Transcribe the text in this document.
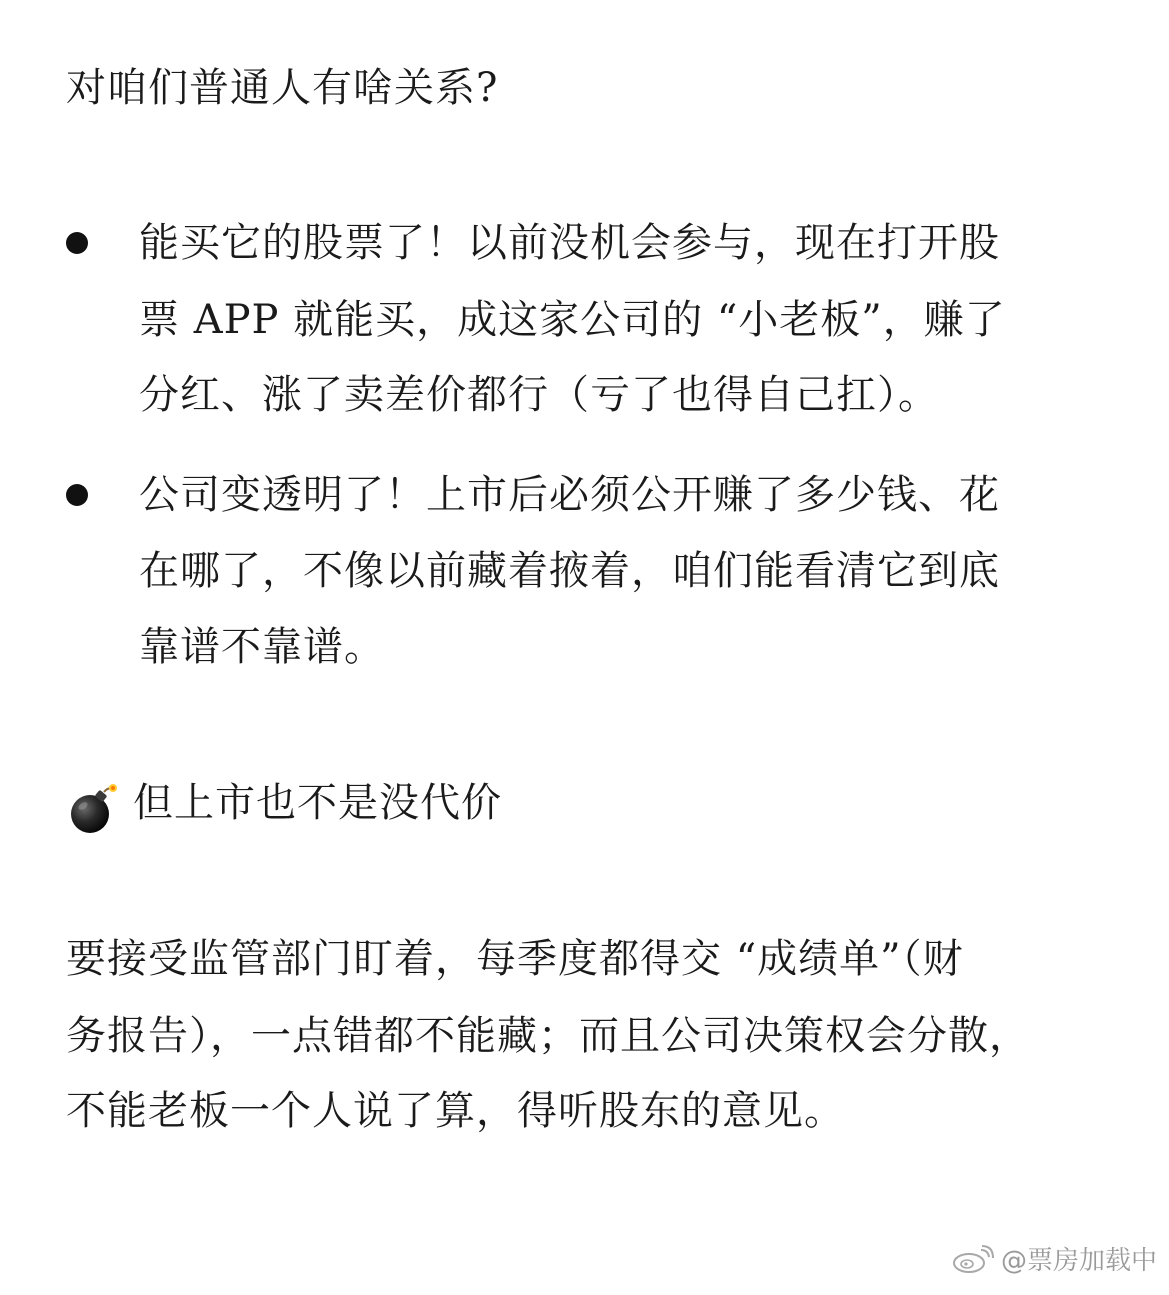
对咱们普通人有啥关系?
能买它的股票了！以前没机会参与，现在打开股
票 APP 就能买，成这家公司的 “小老板”，赚了
分红、涨了卖差价都行（亏了也得自己扛）。
公司变透明了！上市后必须公开赚了多少钱、花
在哪了，不像以前藏着掖着，咱们能看清它到底
靠谱不靠谱。
但上市也不是没代价
要接受监管部门盯着，每季度都得交 “成绩单”（财
务报告），一点错都不能藏；而且公司决策权会分散，
不能老板一个人说了算，得听股东的意见。
@票房加载中
